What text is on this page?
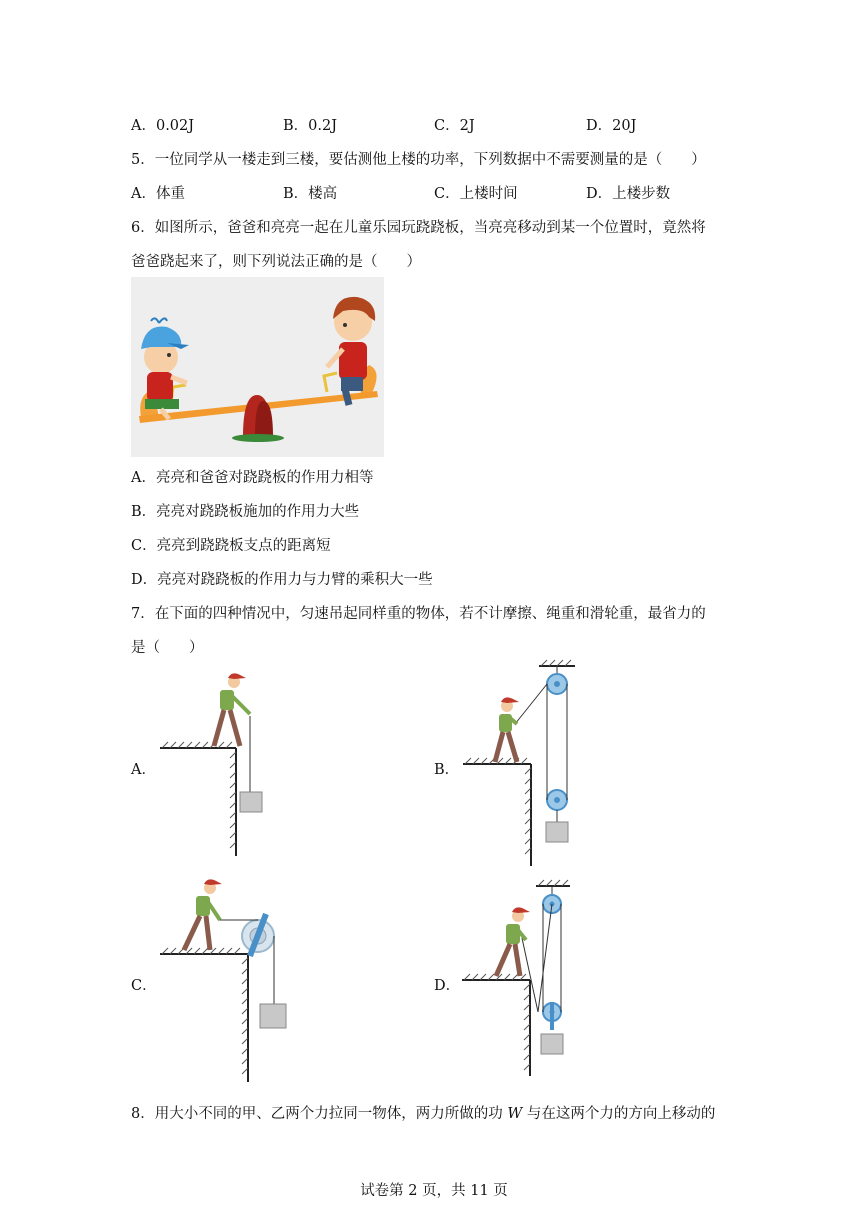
A．0.02J	B．0.2J	C．2J	D．20J
5．一位同学从一楼走到三楼，要估测他上楼的功率，下列数据中不需要测量的是（　　）
A．体重	B．楼高	C．上楼时间	D．上楼步数
6．如图所示，爸爸和亮亮一起在儿童乐园玩跷跷板，当亮亮移动到某一个位置时，竟然将
爸爸跷起来了，则下列说法正确的是（　　）
A．亮亮和爸爸对跷跷板的作用力相等
B．亮亮对跷跷板施加的作用力大些
C．亮亮到跷跷板支点的距离短
D．亮亮对跷跷板的作用力与力臂的乘积大一些
7．在下面的四种情况中，匀速吊起同样重的物体，若不计摩擦、绳重和滑轮重，最省力的
是（　　）
A．	B．
C．	D．
8．用大小不同的甲、乙两个力拉同一物体，两力所做的功 W 与在这两个力的方向上移动的
试卷第 2 页，共 11 页
